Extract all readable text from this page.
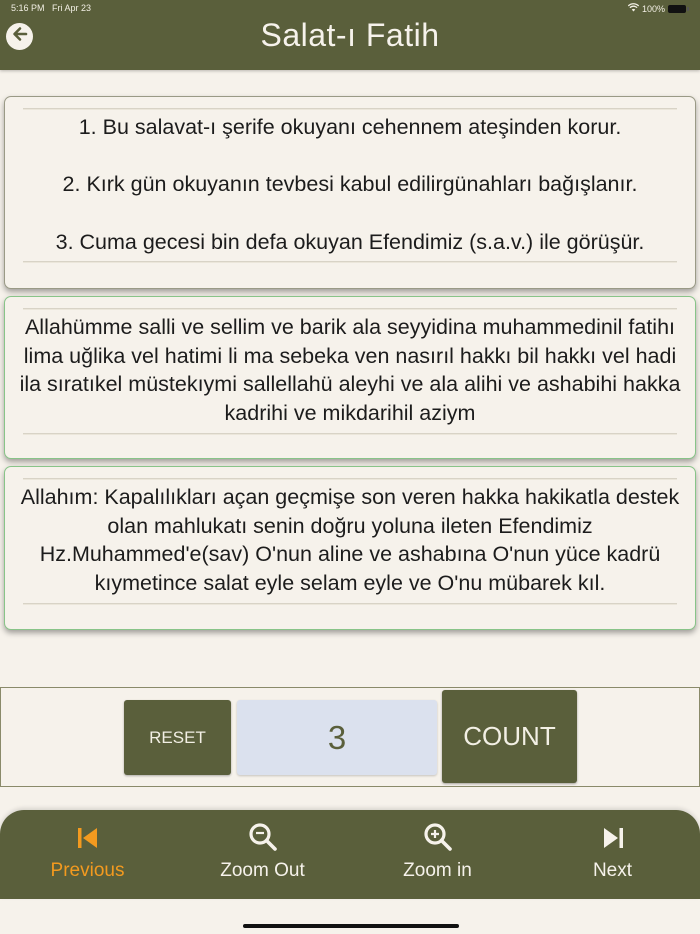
5:16 PM Fri Apr 23	100%
Salat-ı Fatih

1. Bu salavat-ı şerife okuyanı cehennem ateşinden korur.

2. Kırk gün okuyanın tevbesi kabul edilirgünahları bağışlanır.

3. Cuma gecesi bin defa okuyan Efendimiz (s.a.v.) ile görüşür.

Allahümme salli ve sellim ve barik ala seyyidina muhammedinil fatihı lima uğlika vel hatimi li ma sebeka ven nasırıl hakkı bil hakkı vel hadi ila sıratıkel müstekıymi sallellahü aleyhi ve ala alihi ve ashabihi hakka kadrihi ve mikdarihil aziym

Allahım: Kapalılıkları açan geçmişe son veren hakka hakikatla destek olan mahlukatı senin doğru yoluna ileten Efendimiz Hz.Muhammed'e(sav) O'nun aline ve ashabına O'nun yüce kadrü kıymetince salat eyle selam eyle ve O'nu mübarek kıl.

RESET	3	COUNT
Previous	Zoom Out	Zoom in	Next
